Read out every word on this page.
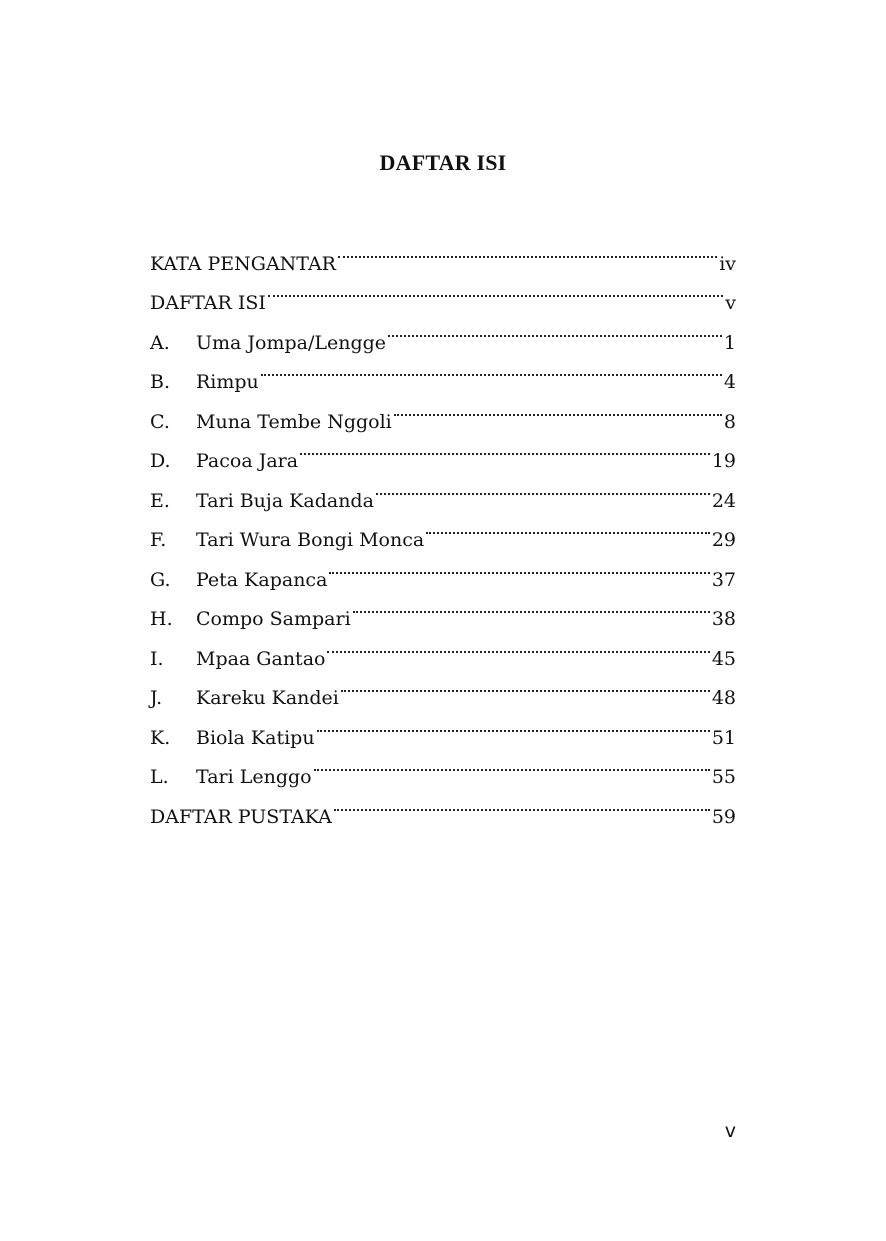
DAFTAR ISI
KATA PENGANTAR	iv
DAFTAR ISI	v
A.	Uma Jompa/Lengge	1
B.	Rimpu	4
C.	Muna Tembe Nggoli	8
D.	Pacoa Jara	19
E.	Tari Buja Kadanda	24
F.	Tari Wura Bongi Monca	29
G.	Peta Kapanca	37
H.	Compo Sampari	38
I.	Mpaa Gantao	45
J.	Kareku Kandei	48
K.	Biola Katipu	51
L.	Tari Lenggo	55
DAFTAR PUSTAKA	59
v
